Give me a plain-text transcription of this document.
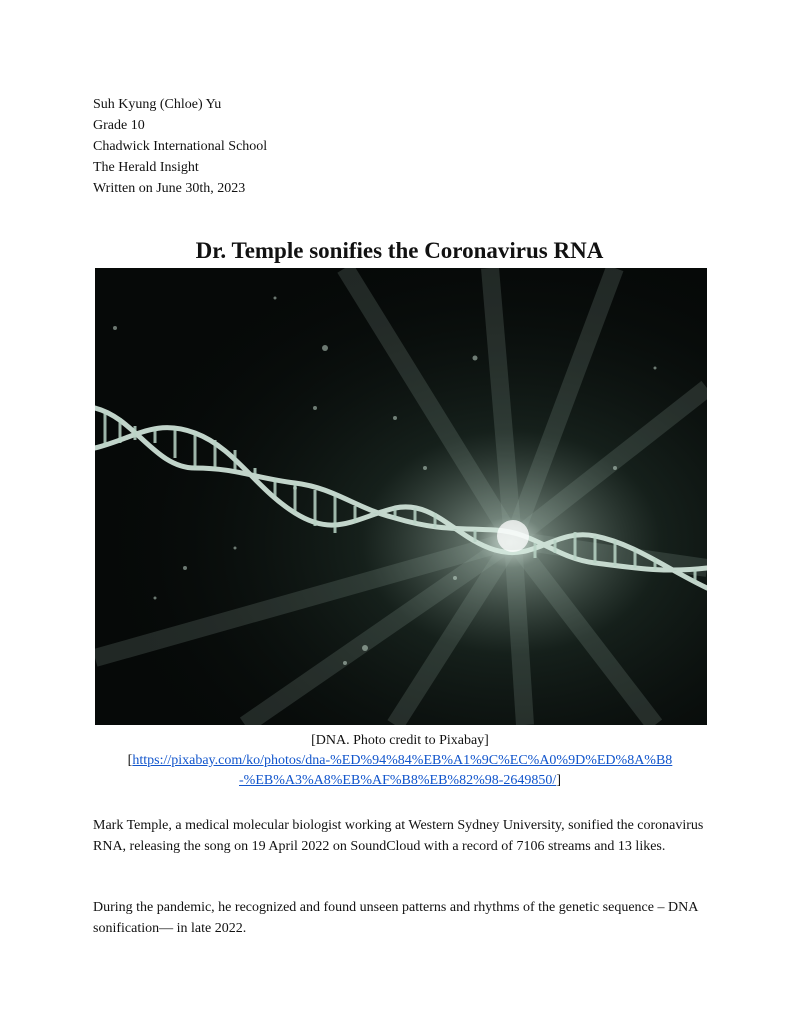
Suh Kyung (Chloe) Yu
Grade 10
Chadwick International School
The Herald Insight
Written on June 30th, 2023
Dr. Temple sonifies the Coronavirus RNA
[DNA. Photo credit to Pixabay]
[https://pixabay.com/ko/photos/dna-%ED%94%84%EB%A1%9C%EC%A0%9D%ED%8A%B8
-%EB%A3%A8%EB%AF%B8%EB%82%98-2649850/]

Mark Temple, a medical molecular biologist working at Western Sydney University, sonified the coronavirus RNA, releasing the song on 19 April 2022 on SoundCloud with a record of 7106 streams and 13 likes.

During the pandemic, he recognized and found unseen patterns and rhythms of the genetic sequence – DNA sonification— in late 2022.
